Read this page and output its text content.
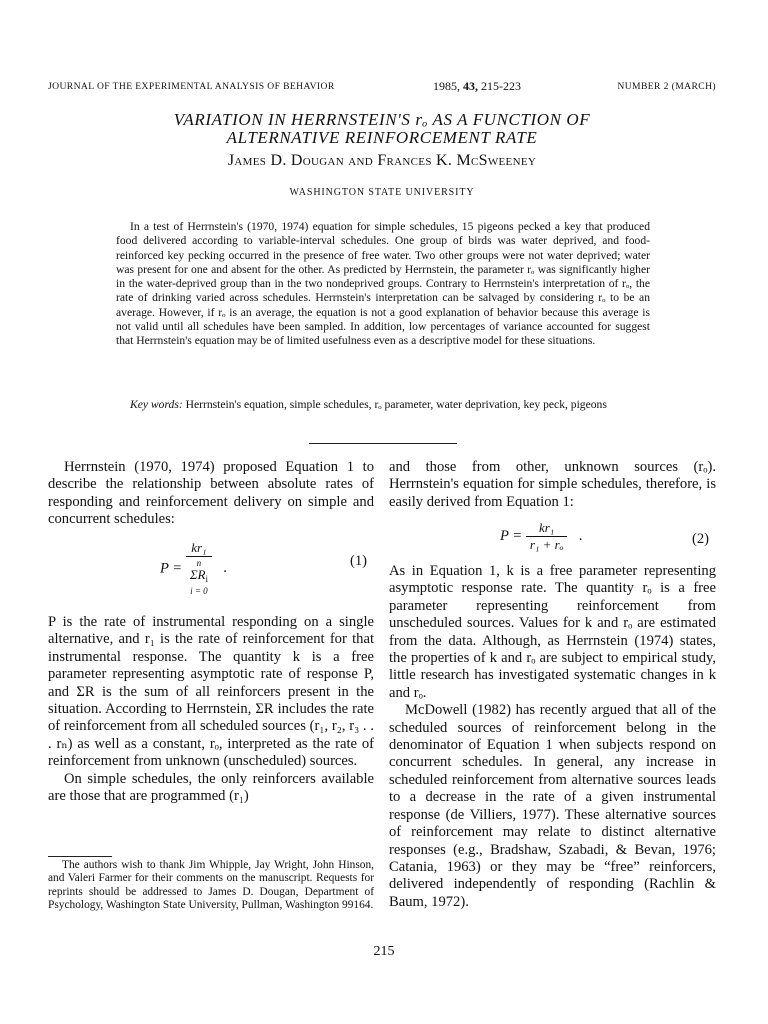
JOURNAL OF THE EXPERIMENTAL ANALYSIS OF BEHAVIOR	1985, 43, 215-223	NUMBER 2 (MARCH)
VARIATION IN HERRNSTEIN'S rₒ AS A FUNCTION OF
ALTERNATIVE REINFORCEMENT RATE
James D. Dougan and Frances K. McSweeney
WASHINGTON STATE UNIVERSITY
In a test of Herrnstein's (1970, 1974) equation for simple schedules, 15 pigeons pecked a key that produced food delivered according to variable-interval schedules. One group of birds was water deprived, and food-reinforced key pecking occurred in the presence of free water. Two other groups were not water deprived; water was present for one and absent for the other. As predicted by Herrnstein, the parameter rₒ was significantly higher in the water-deprived group than in the two nondeprived groups. Contrary to Herrnstein's interpretation of rₒ, the rate of drinking varied across schedules. Herrnstein's interpretation can be salvaged by considering rₒ to be an average. However, if rₒ is an average, the equation is not a good explanation of behavior because this average is not valid until all schedules have been sampled. In addition, low percentages of variance accounted for suggest that Herrnstein's equation may be of limited usefulness even as a descriptive model for these situations.
Key words: Herrnstein's equation, simple schedules, rₒ parameter, water deprivation, key peck, pigeons

Herrnstein (1970, 1974) proposed Equation 1 to describe the relationship between absolute rates of responding and reinforcement delivery on simple and concurrent schedules:

P = kr₁
n
$\Sigma R_i$
i = 0 .	(1)

P is the rate of instrumental responding on a single alternative, and r₁ is the rate of reinforcement for that instrumental response. The quantity k is a free parameter representing asymptotic rate of response P, and ΣR is the sum of all reinforcers present in the situation. According to Herrnstein, ΣR includes the rate of reinforcement from all scheduled sources (r₁, r₂, r₃ . . . rₙ) as well as a constant, rₒ, interpreted as the rate of reinforcement from unknown (unscheduled) sources.

On simple schedules, the only reinforcers available are those that are programmed (r₁)

The authors wish to thank Jim Whipple, Jay Wright, John Hinson, and Valeri Farmer for their comments on the manuscript. Requests for reprints should be addressed to James D. Dougan, Department of Psychology, Washington State University, Pullman, Washington 99164.

and those from other, unknown sources (rₒ). Herrnstein's equation for simple schedules, therefore, is easily derived from Equation 1:

$P = \frac{\text{kr₁}}{\text{r₁ + rₒ}}$ .	(2)

As in Equation 1, k is a free parameter representing asymptotic response rate. The quantity rₒ is a free parameter representing reinforcement from unscheduled sources. Values for k and rₒ are estimated from the data. Although, as Herrnstein (1974) states, the properties of k and rₒ are subject to empirical study, little research has investigated systematic changes in k and rₒ.

McDowell (1982) has recently argued that all of the scheduled sources of reinforcement belong in the denominator of Equation 1 when subjects respond on concurrent schedules. In general, any increase in scheduled reinforcement from alternative sources leads to a decrease in the rate of a given instrumental response (de Villiers, 1977). These alternative sources of reinforcement may relate to distinct alternative responses (e.g., Bradshaw, Szabadi, & Bevan, 1976; Catania, 1963) or they may be “free” reinforcers, delivered independently of responding (Rachlin & Baum, 1972).

215
